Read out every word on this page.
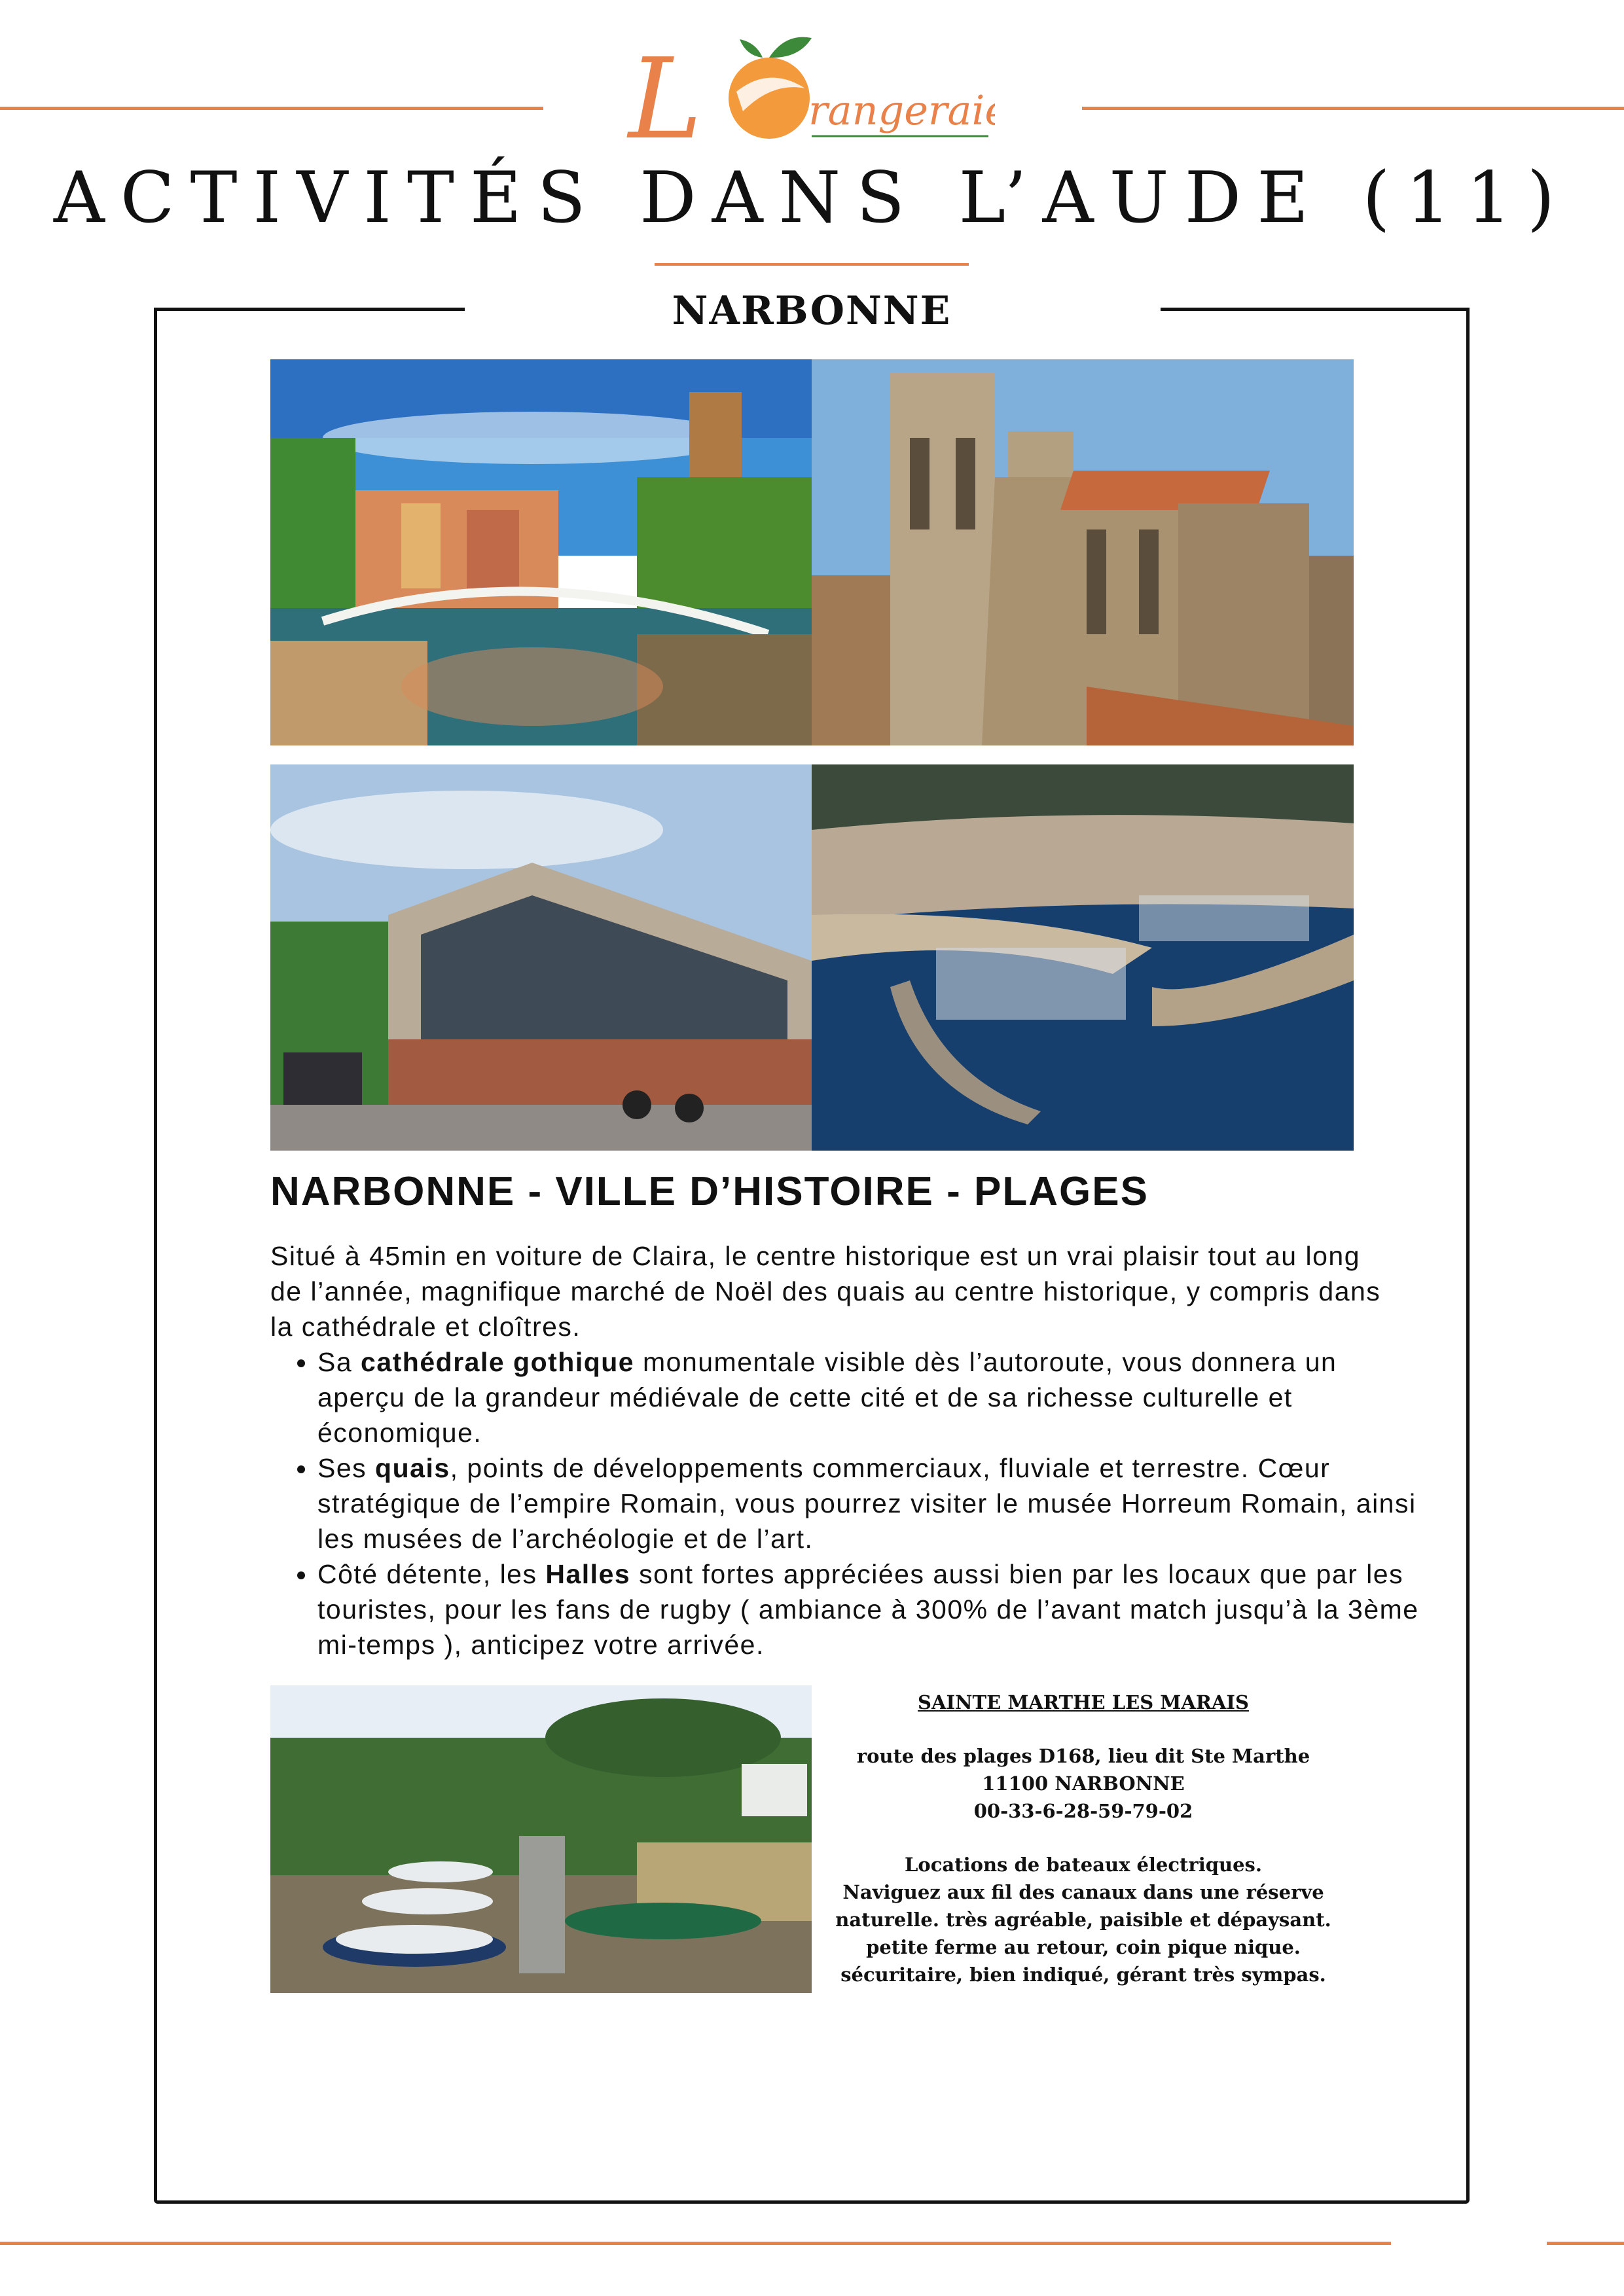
L	rangeraie
ACTIVITÉS DANS L’AUDE (11)
NARBONNE
NARBONNE - VILLE D’HISTOIRE - PLAGES

Situé à 45min en voiture de Claira, le centre historique est un vrai plaisir tout au long de l’année, magnifique marché de Noël des quais au centre historique, y compris dans la cathédrale et cloîtres.

• Sa cathédrale gothique monumentale visible dès l’autoroute, vous donnera un aperçu de la grandeur médiévale de cette cité et de sa richesse culturelle et économique.
• Ses quais, points de développements commerciaux, fluviale et terrestre. Cœur stratégique de l’empire Romain, vous pourrez visiter le musée Horreum Romain, ainsi les musées de l’archéologie et de l’art.
• Côté détente, les Halles sont fortes appréciées aussi bien par les locaux que par les touristes, pour les fans de rugby ( ambiance à 300% de l’avant match jusqu’à la 3ème mi-temps ), anticipez votre arrivée.

SAINTE MARTHE LES MARAIS

route des plages D168, lieu dit Ste Marthe

11100 NARBONNE

00-33-6-28-59-79-02

Locations de bateaux électriques.

Naviguez aux fil des canaux dans une réserve

naturelle. très agréable, paisible et dépaysant.

petite ferme au retour, coin pique nique.

sécuritaire, bien indiqué, gérant très sympas.
